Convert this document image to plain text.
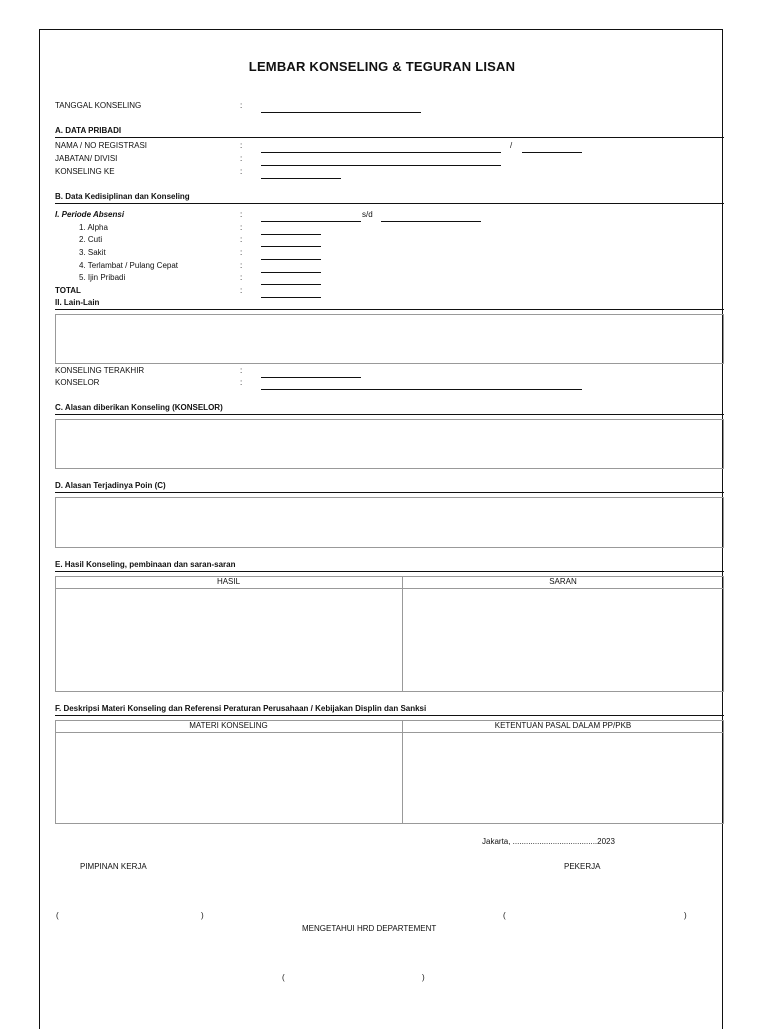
LEMBAR KONSELING & TEGURAN LISAN
TANGGAL KONSELING	:
A. DATA PRIBADI
NAMA / NO REGISTRASI	:	/
JABATAN/ DIVISI	:
KONSELING KE	:
B. Data Kedisiplinan dan Konseling
I. Periode Absensi	:	s/d
1. Alpha	:
2. Cuti	:
3. Sakit	:
4. Terlambat / Pulang Cepat	:
5. Ijin Pribadi	:
TOTAL	:
II. Lain-Lain
KONSELING TERAKHIR	:
KONSELOR	:
C. Alasan diberikan Konseling (KONSELOR)
D. Alasan Terjadinya Poin (C)
E. Hasil Konseling, pembinaan dan saran-saran
HASIL	SARAN
F. Deskripsi Materi Konseling dan Referensi Peraturan Perusahaan / Kebijakan Displin dan Sanksi
MATERI KONSELING	KETENTUAN PASAL DALAM PP/PKB
Jakarta, ......................................2023
PIMPINAN KERJA	PEKERJA
(	)	(	)
MENGETAHUI HRD DEPARTEMENT
(	)
